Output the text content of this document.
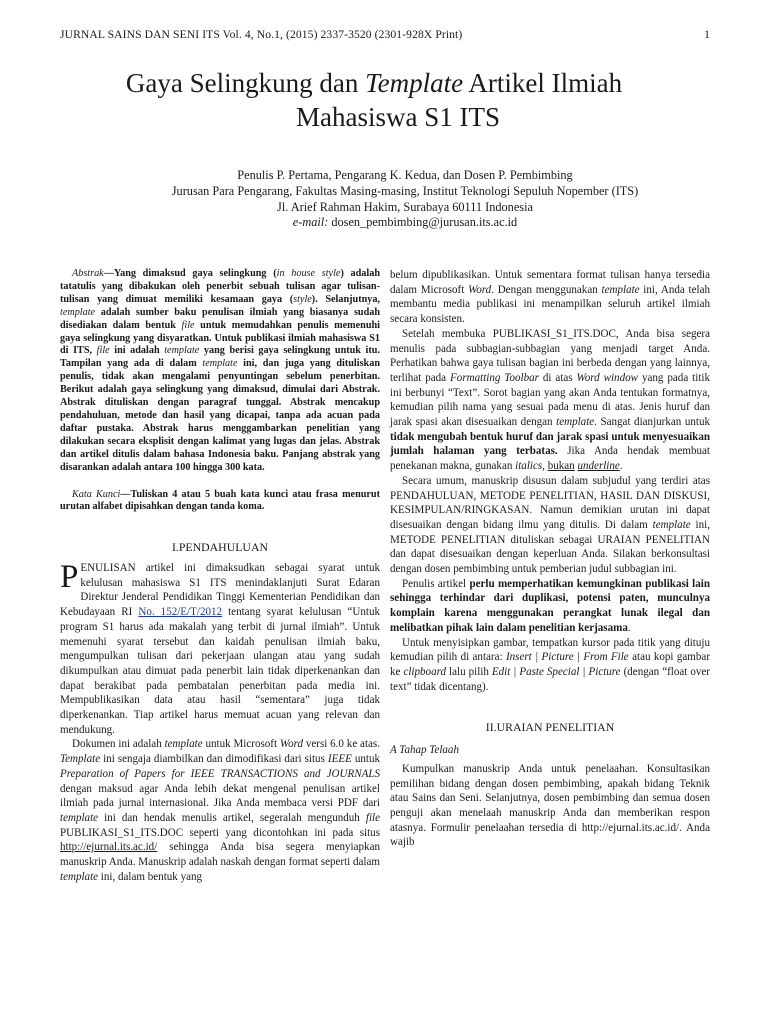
JURNAL SAINS DAN SENI ITS Vol. 4, No.1, (2015) 2337-3520 (2301-928X Print)	1
Gaya Selingkung dan Template Artikel Ilmiah
Mahasiswa S1 ITS
Penulis P. Pertama, Pengarang K. Kedua, dan Dosen P. Pembimbing
Jurusan Para Pengarang, Fakultas Masing-masing, Institut Teknologi Sepuluh Nopember (ITS)
Jl. Arief Rahman Hakim, Surabaya 60111 Indonesia
e-mail: dosen_pembimbing@jurusan.its.ac.id

Abstrak—Yang dimaksud gaya selingkung (in house style) adalah tatatulis yang dibakukan oleh penerbit sebuah tulisan agar tulisan-tulisan yang dimuat memiliki kesamaan gaya (style). Selanjutnya, template adalah sumber baku penulisan ilmiah yang biasanya sudah disediakan dalam bentuk file untuk memudahkan penulis memenuhi gaya selingkung yang disyaratkan. Untuk publikasi ilmiah mahasiswa S1 di ITS, file ini adalah template yang berisi gaya selingkung untuk itu. Tampilan yang ada di dalam template ini, dan juga yang dituliskan penulis, tidak akan mengalami penyuntingan sebelum penerbitan. Berikut adalah gaya selingkung yang dimaksud, dimulai dari Abstrak. Abstrak dituliskan dengan paragraf tunggal. Abstrak mencakup pendahuluan, metode dan hasil yang dicapai, tanpa ada acuan pada daftar pustaka. Abstrak harus menggambarkan penelitian yang dilakukan secara eksplisit dengan kalimat yang lugas dan jelas. Abstrak dan artikel ditulis dalam bahasa Indonesia baku. Panjang abstrak yang disarankan adalah antara 100 hingga 300 kata.

Kata Kunci—Tuliskan 4 atau 5 buah kata kunci atau frasa menurut urutan alfabet dipisahkan dengan tanda koma.

I.PENDAHULUAN

PENULISAN artikel ini dimaksudkan sebagai syarat untuk kelulusan mahasiswa S1 ITS menindaklanjuti Surat Edaran Direktur Jenderal Pendidikan Tinggi Kementerian Pendidikan dan Kebudayaan RI No. 152/E/T/2012 tentang syarat kelulusan “Untuk program S1 harus ada makalah yang terbit di jurnal ilmiah”. Untuk memenuhi syarat tersebut dan kaidah penulisan ilmiah baku, mengumpulkan tulisan dari pekerjaan ulangan atau yang sudah dikumpulkan atau dimuat pada penerbit lain tidak diperkenankan dan dapat berakibat pada pembatalan penerbitan pada media ini. Mempublikasikan data atau hasil “sementara” juga tidak diperkenankan. Tiap artikel harus memuat acuan yang relevan dan mendukung.

Dokumen ini adalah template untuk Microsoft Word versi 6.0 ke atas. Template ini sengaja diambilkan dan dimodifikasi dari situs IEEE untuk Preparation of Papers for IEEE TRANSACTIONS and JOURNALS dengan maksud agar Anda lebih dekat mengenal penulisan artikel ilmiah pada jurnal internasional. Jika Anda membaca versi PDF dari template ini dan hendak menulis artikel, segeralah mengunduh file PUBLIKASI_S1_ITS.DOC seperti yang dicontohkan ini pada situs http://ejurnal.its.ac.id/ sehingga Anda bisa segera menyiapkan manuskrip Anda. Manuskrip adalah naskah dengan format seperti dalam template ini, dalam bentuk yang

belum dipublikasikan. Untuk sementara format tulisan hanya tersedia dalam Microsoft Word. Dengan menggunakan template ini, Anda telah membantu media publikasi ini menampilkan seluruh artikel ilmiah secara konsisten.

Setelah membuka PUBLIKASI_S1_ITS.DOC, Anda bisa segera menulis pada subbagian-subbagian yang menjadi target Anda. Perhatikan bahwa gaya tulisan bagian ini berbeda dengan yang lainnya, terlihat pada Formatting Toolbar di atas Word window yang pada titik ini berbunyi “Text”. Sorot bagian yang akan Anda tentukan formatnya, kemudian pilih nama yang sesuai pada menu di atas. Jenis huruf dan jarak spasi akan disesuaikan dengan template. Sangat dianjurkan untuk tidak mengubah bentuk huruf dan jarak spasi untuk menyesuaikan jumlah halaman yang terbatas. Jika Anda hendak membuat penekanan makna, gunakan italics, bukan underline.

Secara umum, manuskrip disusun dalam subjudul yang terdiri atas PENDAHULUAN, METODE PENELITIAN, HASIL DAN DISKUSI, KESIMPULAN/RINGKASAN. Namun demikian urutan ini dapat disesuaikan dengan bidang ilmu yang ditulis. Di dalam template ini, METODE PENELITIAN dituliskan sebagai URAIAN PENELITIAN dan dapat disesuaikan dengan keperluan Anda. Silakan berkonsultasi dengan dosen pembimbing untuk pemberian judul subbagian ini.

Penulis artikel perlu memperhatikan kemungkinan publikasi lain sehingga terhindar dari duplikasi, potensi paten, munculnya komplain karena menggunakan perangkat lunak ilegal dan melibatkan pihak lain dalam penelitian kerjasama.

Untuk menyisipkan gambar, tempatkan kursor pada titik yang dituju kemudian pilih di antara: Insert | Picture | From File atau kopi gambar ke clipboard lalu pilih Edit | Paste Special | Picture (dengan “float over text” tidak dicentang).

II.URAIAN PENELITIAN
A Tahap Telaah

Kumpulkan manuskrip Anda untuk penelaahan. Konsultasikan pemilihan bidang dengan dosen pembimbing, apakah bidang Teknik atau Sains dan Seni. Selanjutnya, dosen pembimbing dan semua dosen penguji akan menelaah manuskrip Anda dan memberikan respon atasnya. Formulir penelaahan tersedia di http://ejurnal.its.ac.id/. Anda wajib
